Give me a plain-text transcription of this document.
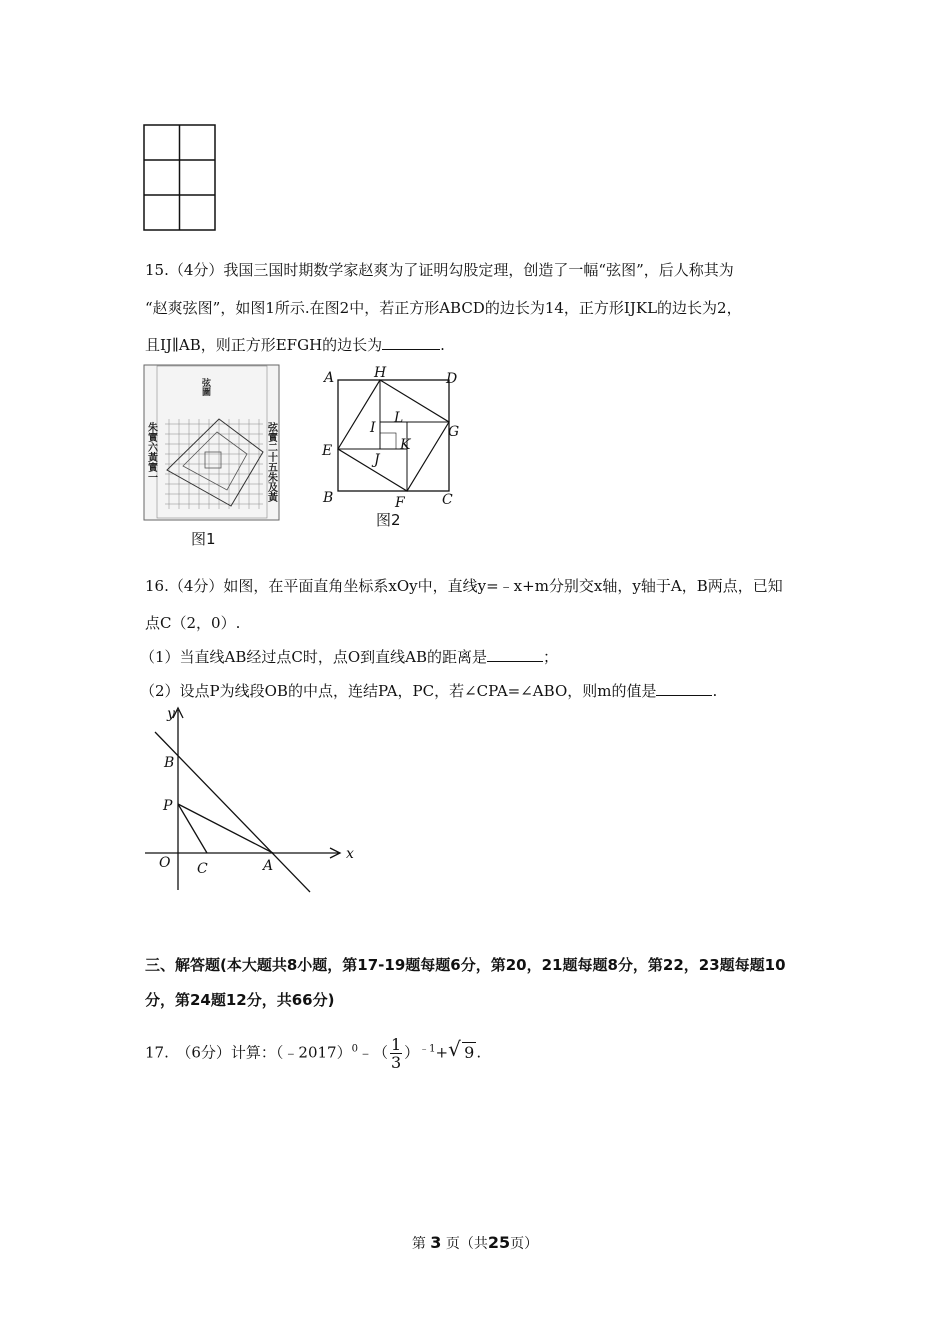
15.（4分）我国三国时期数学家赵爽为了证明勾股定理，创造了一幅“弦图”，后人称其为
“赵爽弦图”，如图1所示.在图2中，若正方形ABCD的边长为14，正方形IJKL的边长为2，
且IJ∥AB，则正方形EFGH的边长为	.
弦圖
朱實六黃實一	弦實二十五朱及黃
图1
A	H	D
E
G
B	F	C
I
L
K
J
图2
16.（4分）如图，在平面直角坐标系xOy中，直线y=﹣x+m分别交x轴，y轴于A，B两点，已知
点C（2，0）.
（1）当直线AB经过点C时，点O到直线AB的距离是	；
（2）设点P为线段OB的中点，连结PA，PC，若∠CPA=∠ABO，则m的值是	.
y
x
B
P
O C	A
三、解答题(本大题共8小题，第17-19题每题6分，第20，21题每题8分，第22，23题每题10
分，第24题12分，共66分)
17.　（6分）计算：（﹣2017）$^0$﹣（ $\frac{1}{3} )^{﹣1}+$ √ 9 .
第 3 页（共25页）
